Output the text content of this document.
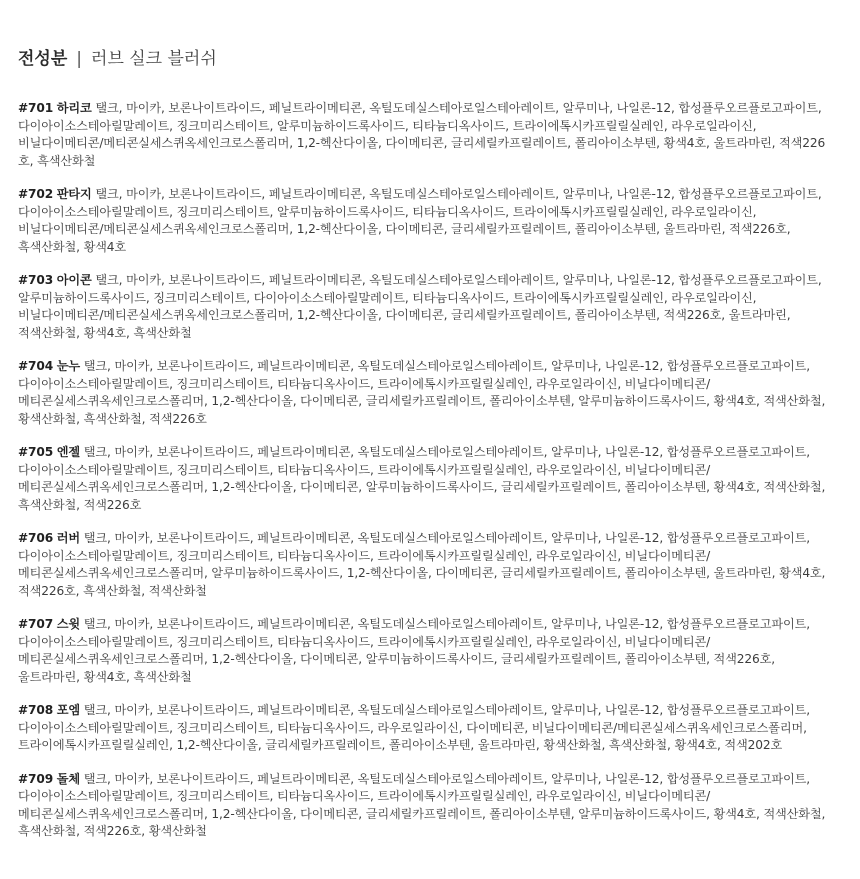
전성분 | 러브 실크 블러쉬
#701 하리코 탤크, 마이카, 보론나이트라이드, 페닐트라이메티콘, 옥틸도데실스테아로일스테아레이트, 알루미나, 나일론-12, 합성플루오르플로고파이트,
다이아이소스테아릴말레이트, 징크미리스테이트, 알루미늄하이드록사이드, 티타늄디옥사이드, 트라이에톡시카프릴릴실레인, 라우로일라이신,
비닐다이메티콘/메티콘실세스퀴옥세인크로스폴리머, 1,2-헥산다이올, 다이메티콘, 글리세릴카프릴레이트, 폴리아이소부텐, 황색4호, 울트라마린, 적색226
호, 흑색산화철
#702 판타지 탤크, 마이카, 보론나이트라이드, 페닐트라이메티콘, 옥틸도데실스테아로일스테아레이트, 알루미나, 나일론-12, 합성플루오르플로고파이트,
다이아이소스테아릴말레이트, 징크미리스테이트, 알루미늄하이드록사이드, 티타늄디옥사이드, 트라이에톡시카프릴릴실레인, 라우로일라이신,
비닐다이메티콘/메티콘실세스퀴옥세인크로스폴리머, 1,2-헥산다이올, 다이메티콘, 글리세릴카프릴레이트, 폴리아이소부텐, 울트라마린, 적색226호,
흑색산화철, 황색4호
#703 아이콘 탤크, 마이카, 보론나이트라이드, 페닐트라이메티콘, 옥틸도데실스테아로일스테아레이트, 알루미나, 나일론-12, 합성플루오르플로고파이트,
알루미늄하이드록사이드, 징크미리스테이트, 다이아이소스테아릴말레이트, 티타늄디옥사이드, 트라이에톡시카프릴릴실레인, 라우로일라이신,
비닐다이메티콘/메티콘실세스퀴옥세인크로스폴리머, 1,2-헥산다이올, 다이메티콘, 글리세릴카프릴레이트, 폴리아이소부텐, 적색226호, 울트라마린,
적색산화철, 황색4호, 흑색산화철
#704 눈누 탤크, 마이카, 보론나이트라이드, 페닐트라이메티콘, 옥틸도데실스테아로일스테아레이트, 알루미나, 나일론-12, 합성플루오르플로고파이트,
다이아이소스테아릴말레이트, 징크미리스테이트, 티타늄디옥사이드, 트라이에톡시카프릴릴실레인, 라우로일라이신, 비닐다이메티콘/
메티콘실세스퀴옥세인크로스폴리머, 1,2-헥산다이올, 다이메티콘, 글리세릴카프릴레이트, 폴리아이소부텐, 알루미늄하이드록사이드, 황색4호, 적색산화철,
황색산화철, 흑색산화철, 적색226호
#705 엔젤 탤크, 마이카, 보론나이트라이드, 페닐트라이메티콘, 옥틸도데실스테아로일스테아레이트, 알루미나, 나일론-12, 합성플루오르플로고파이트,
다이아이소스테아릴말레이트, 징크미리스테이트, 티타늄디옥사이드, 트라이에톡시카프릴릴실레인, 라우로일라이신, 비닐다이메티콘/
메티콘실세스퀴옥세인크로스폴리머, 1,2-헥산다이올, 다이메티콘, 알루미늄하이드록사이드, 글리세릴카프릴레이트, 폴리아이소부텐, 황색4호, 적색산화철,
흑색산화철, 적색226호
#706 러버 탤크, 마이카, 보론나이트라이드, 페닐트라이메티콘, 옥틸도데실스테아로일스테아레이트, 알루미나, 나일론-12, 합성플루오르플로고파이트,
다이아이소스테아릴말레이트, 징크미리스테이트, 티타늄디옥사이드, 트라이에톡시카프릴릴실레인, 라우로일라이신, 비닐다이메티콘/
메티콘실세스퀴옥세인크로스폴리머, 알루미늄하이드록사이드, 1,2-헥산다이올, 다이메티콘, 글리세릴카프릴레이트, 폴리아이소부텐, 울트라마린, 황색4호,
적색226호, 흑색산화철, 적색산화철
#707 스윗 탤크, 마이카, 보론나이트라이드, 페닐트라이메티콘, 옥틸도데실스테아로일스테아레이트, 알루미나, 나일론-12, 합성플루오르플로고파이트,
다이아이소스테아릴말레이트, 징크미리스테이트, 티타늄디옥사이드, 트라이에톡시카프릴릴실레인, 라우로일라이신, 비닐다이메티콘/
메티콘실세스퀴옥세인크로스폴리머, 1,2-헥산다이올, 다이메티콘, 알루미늄하이드록사이드, 글리세릴카프릴레이트, 폴리아이소부텐, 적색226호,
울트라마린, 황색4호, 흑색산화철
#708 포엠 탤크, 마이카, 보론나이트라이드, 페닐트라이메티콘, 옥틸도데실스테아로일스테아레이트, 알루미나, 나일론-12, 합성플루오르플로고파이트,
다이아이소스테아릴말레이트, 징크미리스테이트, 티타늄디옥사이드, 라우로일라이신, 다이메티콘, 비닐다이메티콘/메티콘실세스퀴옥세인크로스폴리머,
트라이에톡시카프릴릴실레인, 1,2-헥산다이올, 글리세릴카프릴레이트, 폴리아이소부텐, 울트라마린, 황색산화철, 흑색산화철, 황색4호, 적색202호
#709 돌체 탤크, 마이카, 보론나이트라이드, 페닐트라이메티콘, 옥틸도데실스테아로일스테아레이트, 알루미나, 나일론-12, 합성플루오르플로고파이트,
다이아이소스테아릴말레이트, 징크미리스테이트, 티타늄디옥사이드, 트라이에톡시카프릴릴실레인, 라우로일라이신, 비닐다이메티콘/
메티콘실세스퀴옥세인크로스폴리머, 1,2-헥산다이올, 다이메티콘, 글리세릴카프릴레이트, 폴리아이소부텐, 알루미늄하이드록사이드, 황색4호, 적색산화철,
흑색산화철, 적색226호, 황색산화철
